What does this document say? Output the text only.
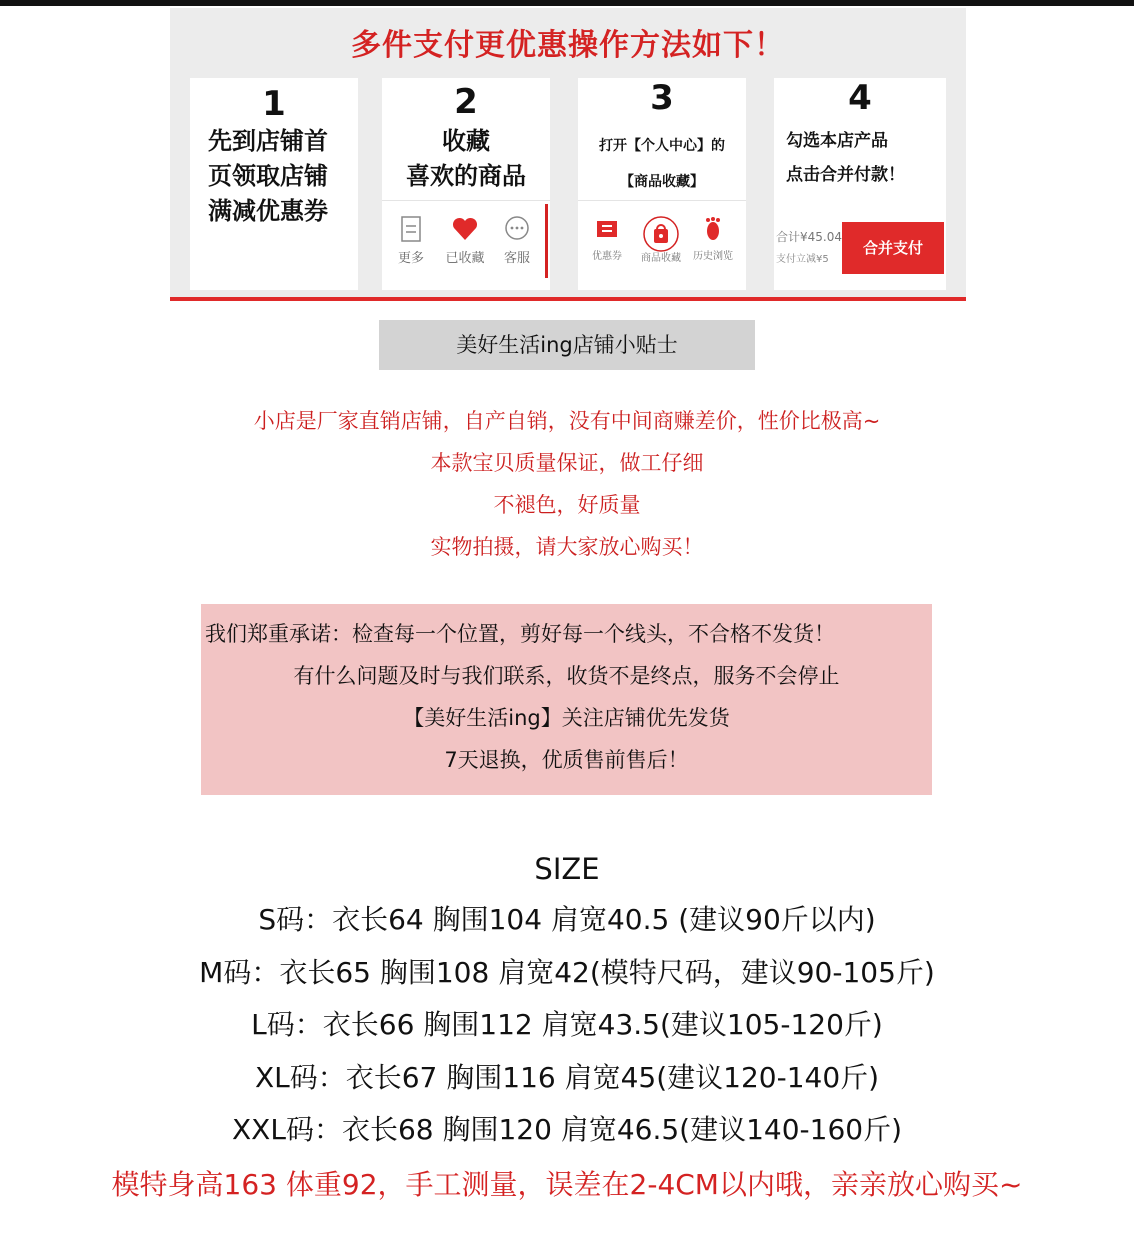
多件支付更优惠操作方法如下！
1
先到店铺首
页领取店铺
满减优惠券
2
收藏
喜欢的商品
更多	已收藏	客服
3
打开【个人中心】的
【商品收藏】
优惠券	商品收藏	历史浏览
4
勾选本店产品
点击合并付款！
合计¥45.04
支付立减¥5
合并支付
美好生活ing店铺小贴士
小店是厂家直销店铺，自产自销，没有中间商赚差价，性价比极高~
本款宝贝质量保证，做工仔细
不褪色，好质量
实物拍摄，请大家放心购买！
我们郑重承诺：检查每一个位置，剪好每一个线头，不合格不发货！
有什么问题及时与我们联系，收货不是终点，服务不会停止
【美好生活ing】关注店铺优先发货
7天退换，优质售前售后！
SIZE
S码：衣长64 胸围104 肩宽40.5 (建议90斤以内)
M码：衣长65 胸围108 肩宽42(模特尺码，建议90-105斤)
L码：衣长66 胸围112 肩宽43.5(建议105-120斤)
XL码：衣长67 胸围116 肩宽45(建议120-140斤)
XXL码：衣长68 胸围120 肩宽46.5(建议140-160斤)
模特身高163 体重92，手工测量，误差在2-4CM以内哦，亲亲放心购买~
